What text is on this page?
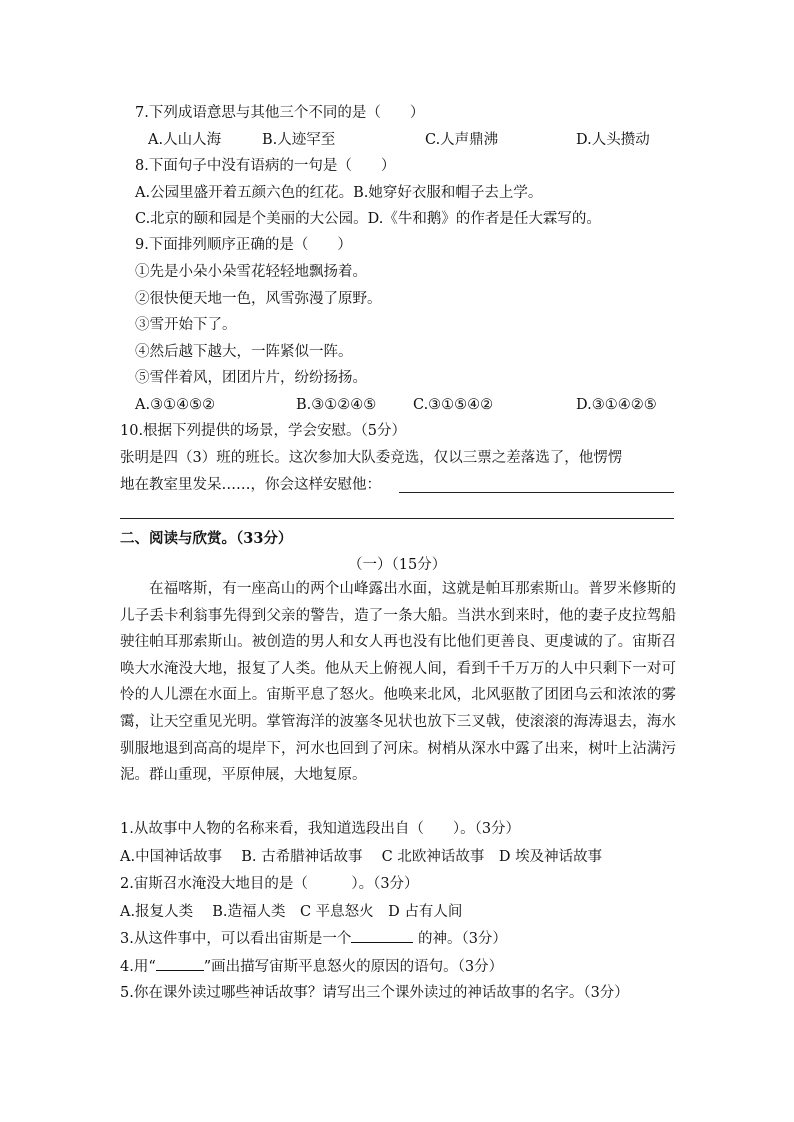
7.下列成语意思与其他三个不同的是（　　）
A.人山人海	B.人迹罕至	C.人声鼎沸	D.人头攒动
8.下面句子中没有语病的一句是（　　）
A.公园里盛开着五颜六色的红花。B.她穿好衣服和帽子去上学。
C.北京的颐和园是个美丽的大公园。D.《牛和鹅》的作者是任大霖写的。
9.下面排列顺序正确的是（　　）
①先是小朵小朵雪花轻轻地飘扬着。
②很快便天地一色，风雪弥漫了原野。
③雪开始下了。
④然后越下越大，一阵紧似一阵。
⑤雪伴着风，团团片片，纷纷扬扬。
A.③①④⑤②	B.③①②④⑤	C.③①⑤④②	D.③①④②⑤
10.根据下列提供的场景，学会安慰。（5分）
张明是四（3）班的班长。这次参加大队委竞选，仅以三票之差落选了，他愣愣
地在教室里发呆……，你会这样安慰他：
二、阅读与欣赏。（33分）
（一）（15分）
在福喀斯，有一座高山的两个山峰露出水面，这就是帕耳那索斯山。普罗米修斯的儿子丢卡利翁事先得到父亲的警告，造了一条大船。当洪水到来时，他的妻子皮拉驾船驶往帕耳那索斯山。被创造的男人和女人再也没有比他们更善良、更虔诚的了。宙斯召唤大水淹没大地，报复了人类。他从天上俯视人间，看到千千万万的人中只剩下一对可怜的人儿漂在水面上。宙斯平息了怒火。他唤来北风，北风驱散了团团乌云和浓浓的雾霭，让天空重见光明。掌管海洋的波塞冬见状也放下三叉戟，使滚滚的海涛退去，海水驯服地退到高高的堤岸下，河水也回到了河床。树梢从深水中露了出来，树叶上沾满污泥。群山重现，平原伸展，大地复原。
1.从故事中人物的名称来看，我知道选段出自（　　）。（3分）
A.中国神话故事　 B. 古希腊神话故事　 C 北欧神话故事　D 埃及神话故事
2.宙斯召水淹没大地目的是（　　　）。（3分）
A.报复人类　 B.造福人类　C 平息怒火　D 占有人间
3.从这件事中，可以看出宙斯是一个	的神。（3分）
4.用“	”画出描写宙斯平息怒火的原因的语句。（3分）
5.你在课外读过哪些神话故事？请写出三个课外读过的神话故事的名字。（3分）
